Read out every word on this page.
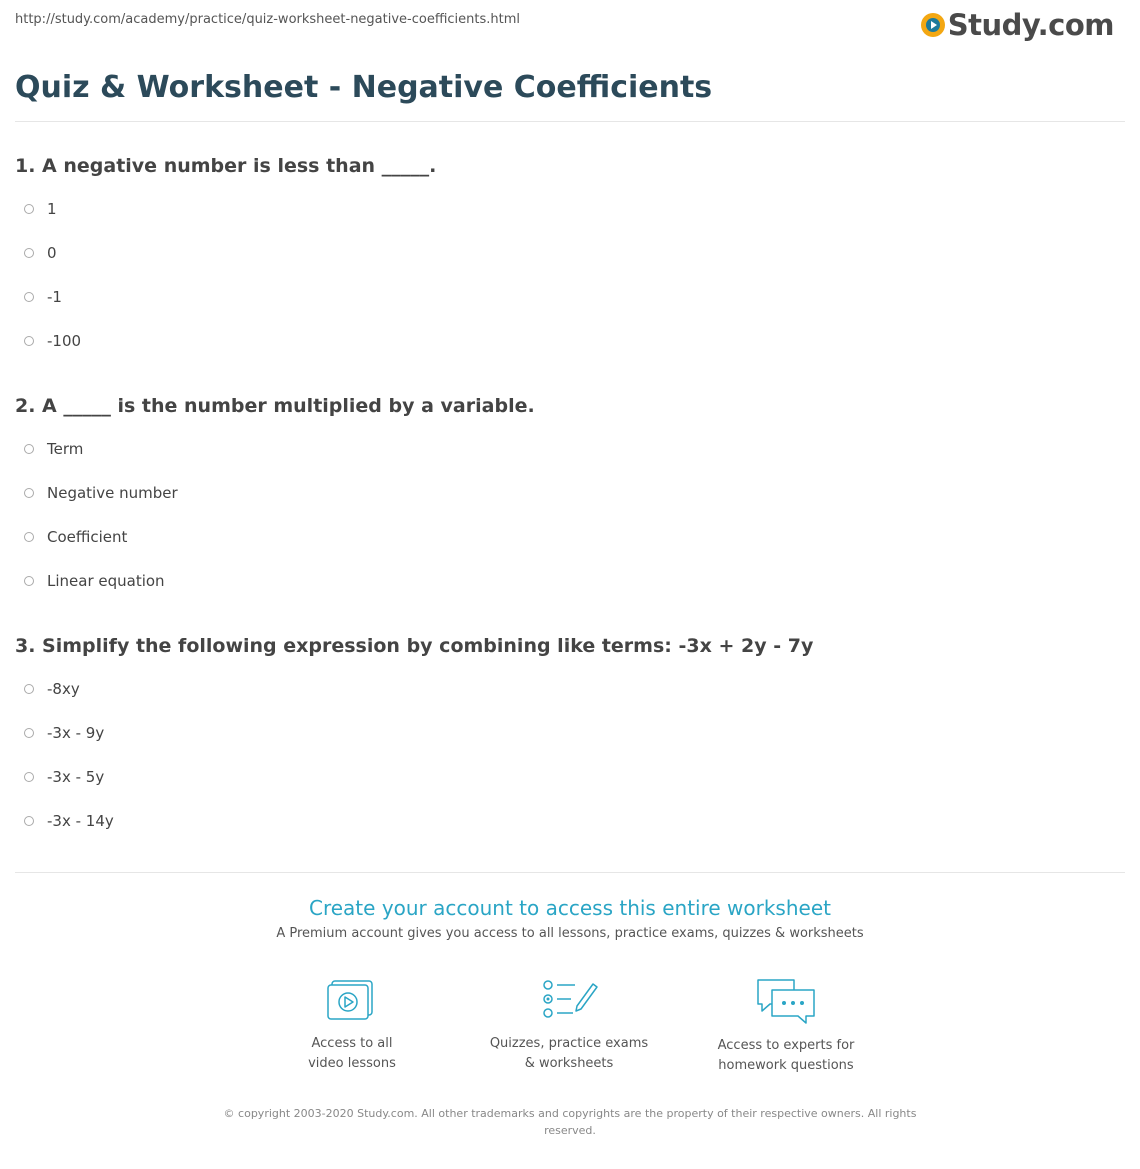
http://study.com/academy/practice/quiz-worksheet-negative-coefficients.html	Study.com
Quiz & Worksheet - Negative Coefficients

1. A negative number is less than _____.

1
0
-1
-100

2. A _____ is the number multiplied by a variable.

Term
Negative number
Coefficient
Linear equation

3. Simplify the following expression by combining like terms: -3x + 2y - 7y

-8xy
-3x - 9y
-3x - 5y
-3x - 14y
Create your account to access this entire worksheet
A Premium account gives you access to all lessons, practice exams, quizzes & worksheets
Access to all
video lessons
Quizzes, practice exams
& worksheets
Access to experts for
homework questions
© copyright 2003-2020 Study.com. All other trademarks and copyrights are the property of their respective owners. All rights reserved.
